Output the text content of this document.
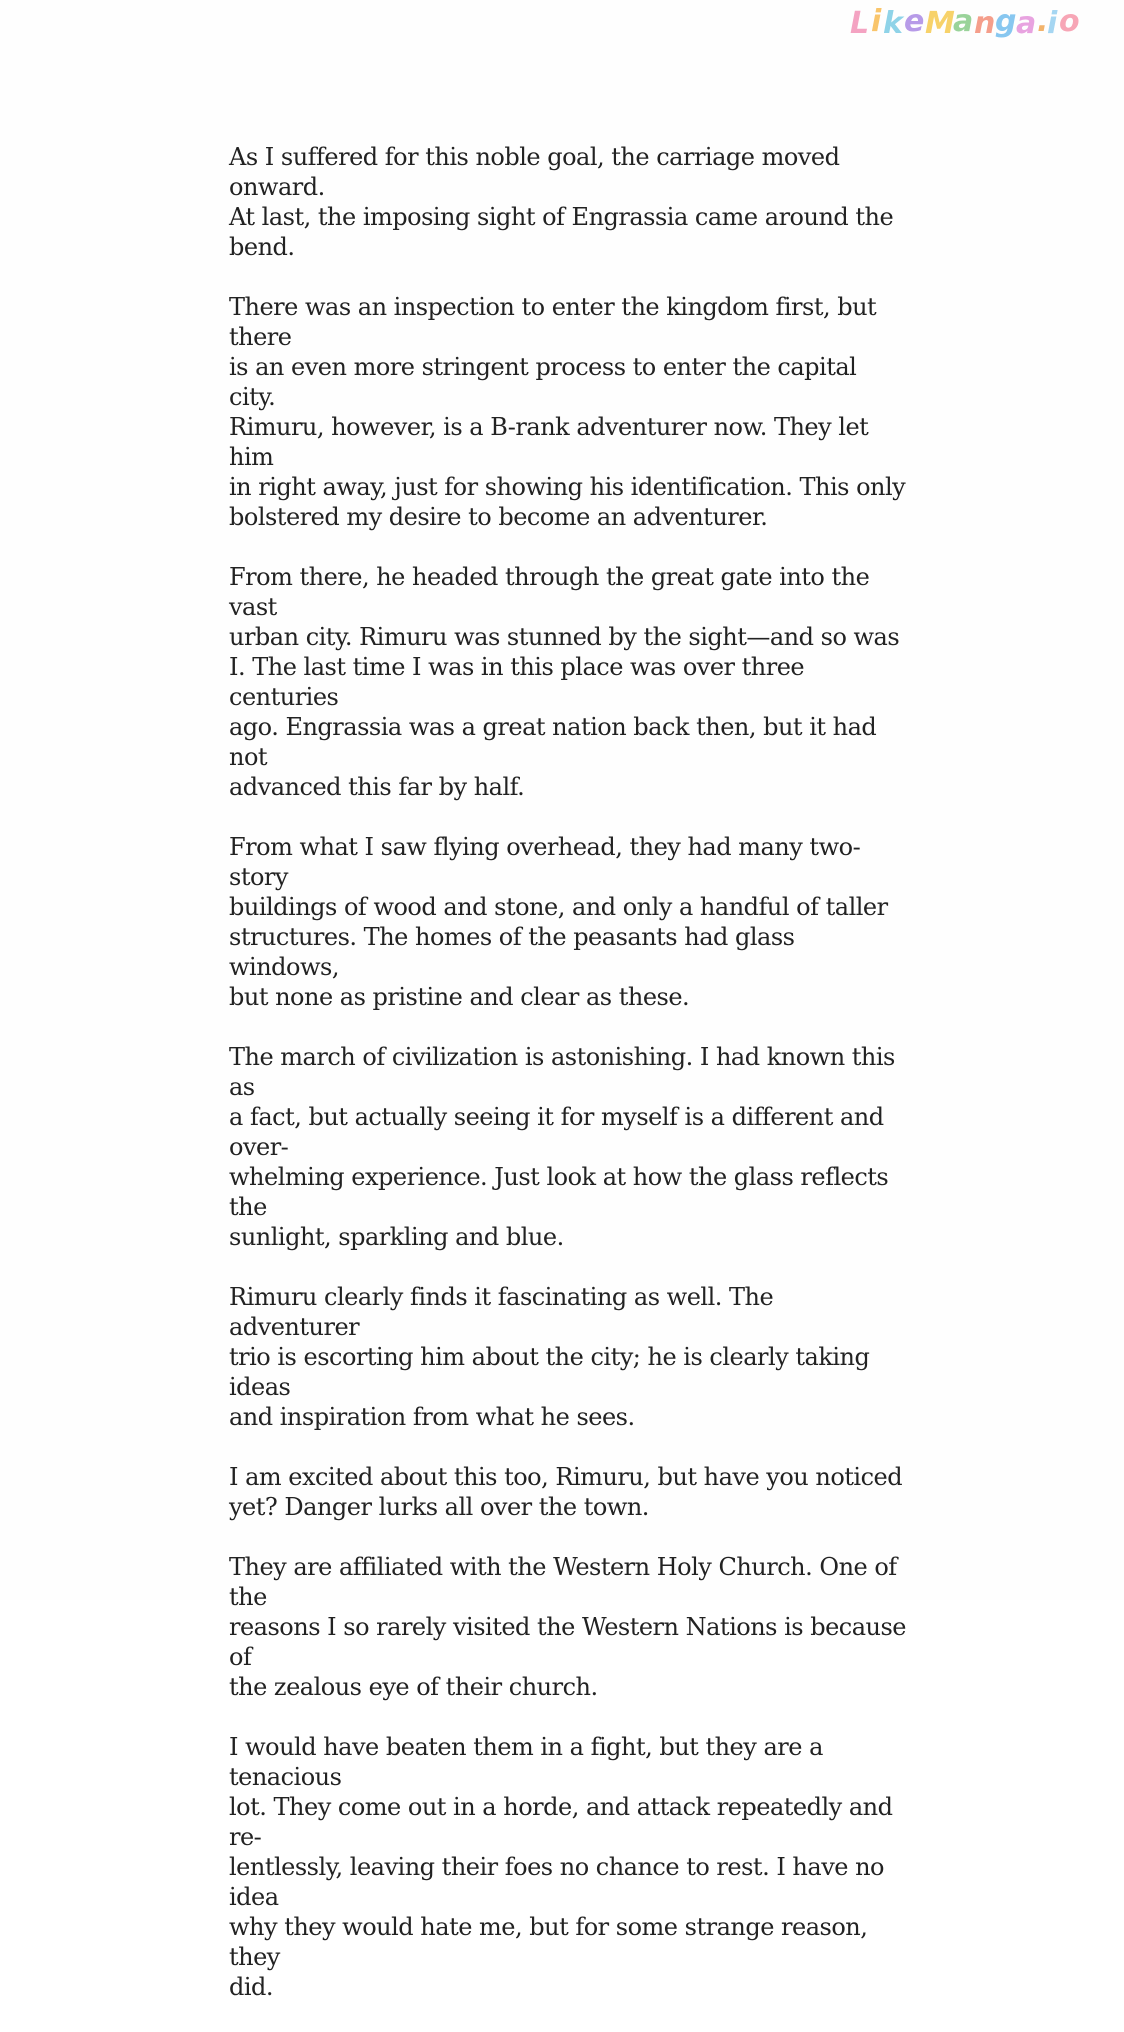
L i k e M
a n g a .
i o

As I suffered for this noble goal, the carriage moved onward.
At last, the imposing sight of Engrassia came around the
bend.

There was an inspection to enter the kingdom first, but there
is an even more stringent process to enter the capital city.
Rimuru, however, is a B-rank adventurer now. They let him
in right away, just for showing his identification. This only
bolstered my desire to become an adventurer.

From there, he headed through the great gate into the vast
urban city. Rimuru was stunned by the sight—and so was
I. The last time I was in this place was over three centuries
ago. Engrassia was a great nation back then, but it had not
advanced this far by half.

From what I saw flying overhead, they had many two-story
buildings of wood and stone, and only a handful of taller
structures. The homes of the peasants had glass windows,
but none as pristine and clear as these.

The march of civilization is astonishing. I had known this as
a fact, but actually seeing it for myself is a different and over-
whelming experience. Just look at how the glass reflects the
sunlight, sparkling and blue.

Rimuru clearly finds it fascinating as well. The adventurer
trio is escorting him about the city; he is clearly taking ideas
and inspiration from what he sees.

I am excited about this too, Rimuru, but have you noticed
yet? Danger lurks all over the town.

They are affiliated with the Western Holy Church. One of the
reasons I so rarely visited the Western Nations is because of
the zealous eye of their church.

I would have beaten them in a fight, but they are a tenacious
lot. They come out in a horde, and attack repeatedly and re-
lentlessly, leaving their foes no chance to rest. I have no idea
why they would hate me, but for some strange reason, they
did.
